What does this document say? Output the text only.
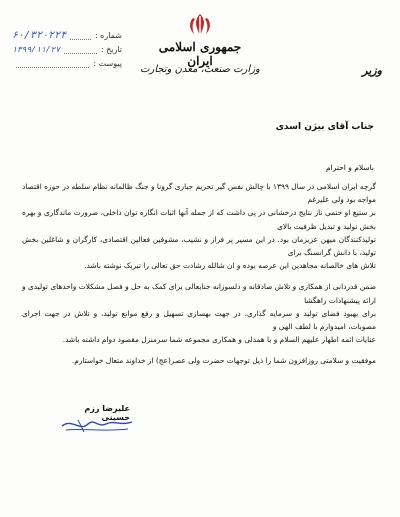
شماره :
۶۰/۳۲۰۲۲۴
تاریخ :
۱۳۹۹/۱۱/۲۷
پیوست :
جمهوری اسلامی ایران
وزارت صنعت، معدن وتجارت	وزیر
جناب آقای بیژن اسدی
باسلام و احترام

گرچه ایران اسلامی در سال ۱۳۹۹ با چالش نفس گیر تحریم جباری گرونا و جنگ ظالمانه نظام سلطه در حوزه اقتصاد مواجه بود ولی علیرغم

بر ستیغ او حتمی ناز نتایج درخشانی در پی داشت که از جمله آنها اثبات انگاره توان داخلی، ضرورت ماندگاری و بهره بخش تولید و تبدیل ظرفیت بالای

تولیدکنندگان میهن عزیزمان بود. در این مسیر پر فراز و نشیب، مشوقین فعالین اقتصادی، کارگران و شاغلین بخش تولید، با دانش گرانسنگ برای

تلاش های خالصانه مجاهدین این عرصه بوده و ان شالله رشادت حق تعالی را تبریک نوشته باشد.

ضمن قدردانی از همکاری و تلاش صادقانه و دلسوزانه جنابعالی برای کمک به حل و فصل مشکلات واحدهای تولیدی و ارائه پیشنهادات راهگشا

برای بهبود فضای تولید و سرمایه گذاری، در جهت بهسازی تسهیل و رفع موانع تولید، و تلاش در جهت اجرای مصوبات، امیدوارم با لطف الهی و

عنایات ائمه اطهار علیهم السلام و با همدلی و همکاری مجموعه شما سرمنزل مقصود دوام داشته باشد.

موفقیت و سلامتی روزافزون شما را ذیل توجهات حضرت ولی عصر(عج) از خداوند متعال خواستارم.

علیرضا رزم حسینی
